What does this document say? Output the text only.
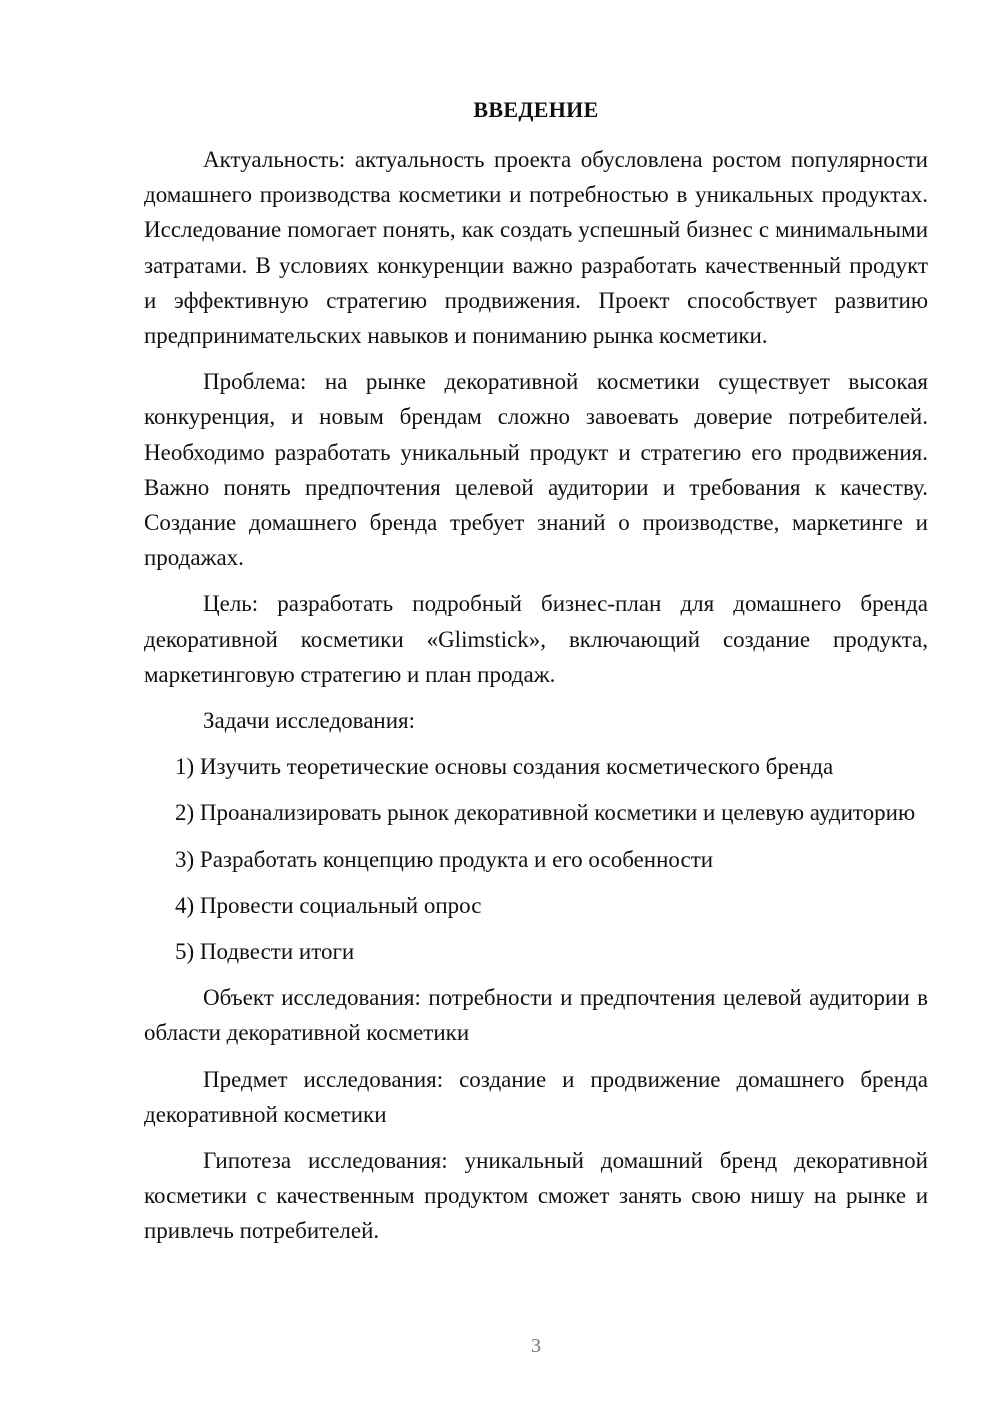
ВВЕДЕНИЕ

Актуальность: актуальность проекта обусловлена ростом популярности домашнего производства косметики и потребностью в уникальных продуктах. Исследование помогает понять, как создать успешный бизнес с минимальными затратами. В условиях конкуренции важно разработать качественный продукт и эффективную стратегию продвижения. Проект способствует развитию предпринимательских навыков и пониманию рынка косметики.

Проблема: на рынке декоративной косметики существует высокая конкуренция, и новым брендам сложно завоевать доверие потребителей. Необходимо разработать уникальный продукт и стратегию его продвижения. Важно понять предпочтения целевой аудитории и требования к качеству. Создание домашнего бренда требует знаний о производстве, маркетинге и продажах.

Цель: разработать подробный бизнес-план для домашнего бренда декоративной косметики «Glimstick», включающий создание продукта, маркетинговую стратегию и план продаж.

Задачи исследования:

1) Изучить теоретические основы создания косметического бренда

2) Проанализировать рынок декоративной косметики и целевую аудиторию

3) Разработать концепцию продукта и его особенности

4) Провести социальный опрос

5) Подвести итоги

Объект исследования: потребности и предпочтения целевой аудитории в области декоративной косметики

Предмет исследования: создание и продвижение домашнего бренда декоративной косметики

Гипотеза исследования: уникальный домашний бренд декоративной косметики с качественным продуктом сможет занять свою нишу на рынке и привлечь потребителей.

3
